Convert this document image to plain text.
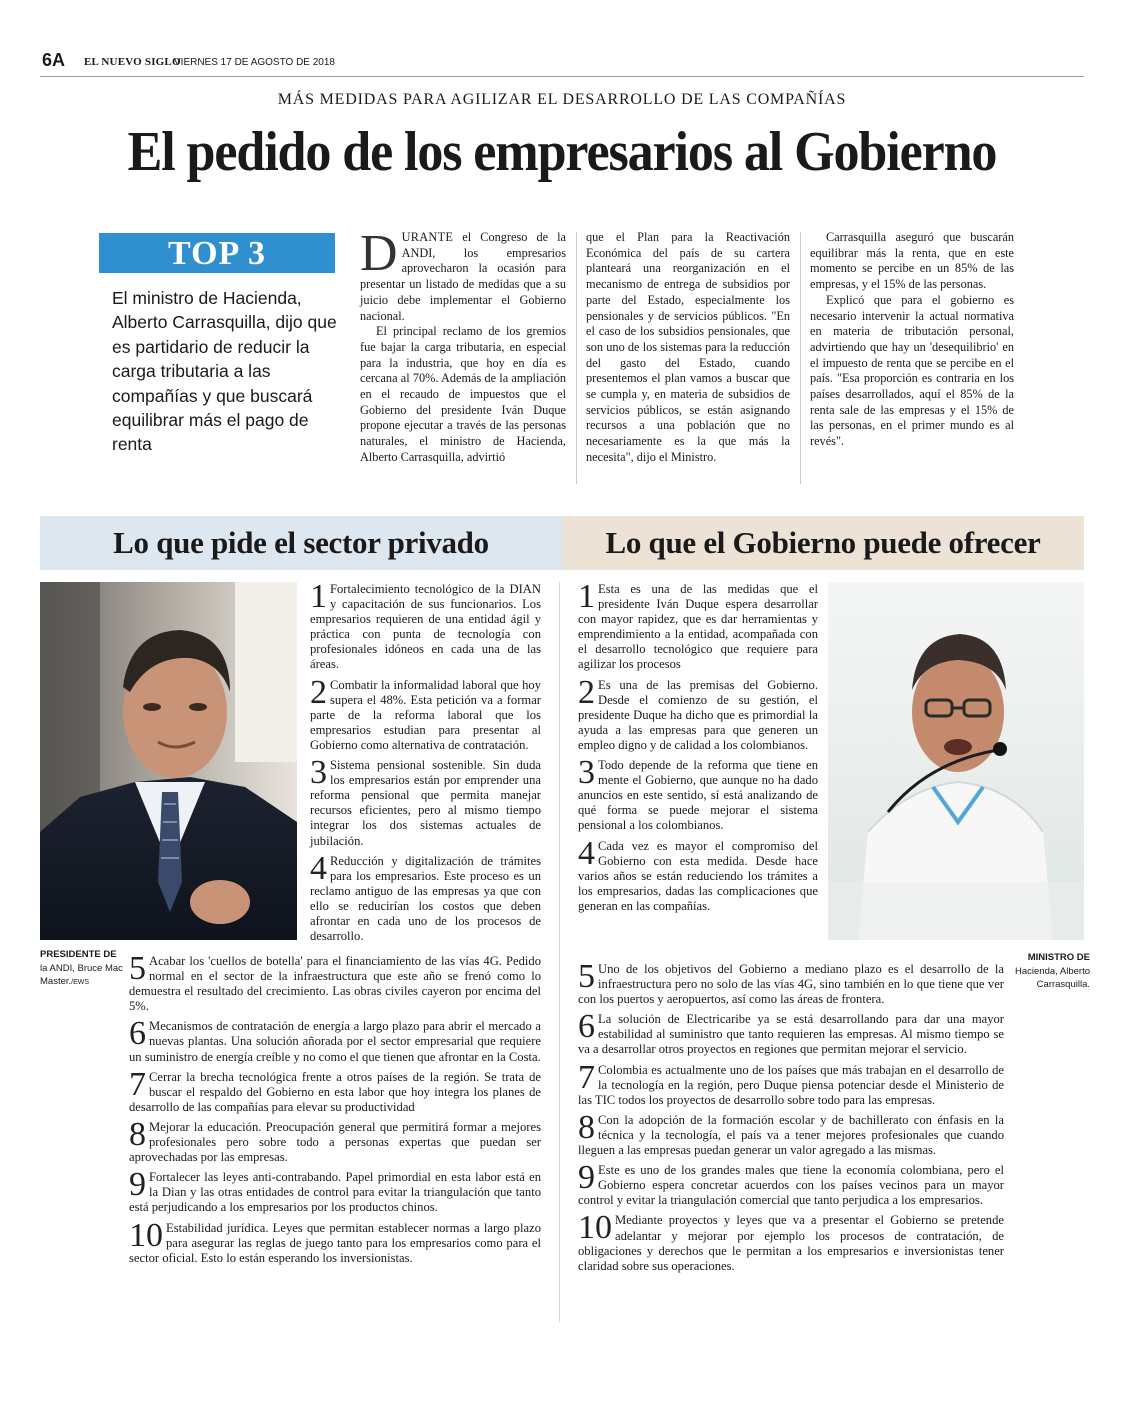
6A EL NUEVO SIGLO
VIERNES 17 DE AGOSTO DE 2018
MÁS MEDIDAS PARA AGILIZAR EL DESARROLLO DE LAS COMPAÑÍAS
El pedido de los empresarios al Gobierno
TOP 3
El ministro de Hacienda, Alberto Carrasquilla, dijo que es partidario de reducir la carga tributaria a las compañías y que buscará equilibrar más el pago de renta

DURANTE el Congreso de la ANDI, los empresarios aprovecharon la ocasión para presentar un listado de medidas que a su juicio debe implementar el Gobierno nacional.

El principal reclamo de los gremios fue bajar la carga tributaria, en especial para la industria, que hoy en día es cercana al 70%. Además de la ampliación en el recaudo de impuestos que el Gobierno del presidente Iván Duque propone ejecutar a través de las personas naturales, el ministro de Hacienda, Alberto Carrasquilla, advirtió

que el Plan para la Reactivación Económica del país de su cartera planteará una reorganización en el mecanismo de entrega de subsidios por parte del Estado, especialmente los pensionales y de servicios públicos. "En el caso de los subsidios pensionales, que son uno de los sistemas para la reducción del gasto del Estado, cuando presentemos el plan vamos a buscar que se cumpla y, en materia de subsidios de servicios públicos, se están asignando recursos a una población que no necesariamente es la que más la necesita", dijo el Ministro.

Carrasquilla aseguró que buscarán equilibrar más la renta, que en este momento se percibe en un 85% de las empresas, y el 15% de las personas.

Explicó que para el gobierno es necesario intervenir la actual normativa en materia de tributación personal, advirtiendo que hay un 'desequilibrio' en el impuesto de renta que se percibe en el país. "Esa proporción es contraria en los países desarrollados, aquí el 85% de la renta sale de las empresas y el 15% de las personas, en el primer mundo es al revés".

Lo que pide el sector privado	Lo que el Gobierno puede ofrecer
PRESIDENTE DE la ANDI, Bruce Mac Master./EWS
MINISTRO DE Hacienda, Alberto Carrasquilla.
1 Fortalecimiento tecnológico de la DIAN y capacitación de sus funcionarios. Los empresarios requieren de una entidad ágil y práctica con punta de tecnología con profesionales idóneos en cada una de las áreas.
2 Combatir la informalidad laboral que hoy supera el 48%. Esta petición va a formar parte de la reforma laboral que los empresarios estudian para presentar al Gobierno como alternativa de contratación.
3 Sistema pensional sostenible. Sin duda los empresarios están por emprender una reforma pensional que permita manejar recursos eficientes, pero al mismo tiempo integrar los dos sistemas actuales de jubilación.
4 Reducción y digitalización de trámites para los empresarios. Este proceso es un reclamo antiguo de las empresas ya que con ello se reducirían los costos que deben afrontar en cada uno de los procesos de desarrollo.
5 Acabar los 'cuellos de botella' para el financiamiento de las vías 4G. Pedido normal en el sector de la infraestructura que este año se frenó como lo demuestra el resultado del crecimiento. Las obras civiles cayeron por encima del 5%.
6 Mecanismos de contratación de energía a largo plazo para abrir el mercado a nuevas plantas. Una solución añorada por el sector empresarial que requiere un suministro de energía creíble y no como el que tienen que afrontar en la Costa.
7 Cerrar la brecha tecnológica frente a otros países de la región. Se trata de buscar el respaldo del Gobierno en esta labor que hoy integra los planes de desarrollo de las compañías para elevar su productividad
8 Mejorar la educación. Preocupación general que permitirá formar a mejores profesionales pero sobre todo a personas expertas que puedan ser aprovechadas por las empresas.
9 Fortalecer las leyes anti-contrabando. Papel primordial en esta labor está en la Dian y las otras entidades de control para evitar la triangulación que tanto está perjudicando a los empresarios por los productos chinos.
10 Estabilidad jurídica. Leyes que permitan establecer normas a largo plazo para asegurar las reglas de juego tanto para los empresarios como para el sector oficial. Esto lo están esperando los inversionistas.
1 Esta es una de las medidas que el presidente Iván Duque espera desarrollar con mayor rapidez, que es dar herramientas y emprendimiento a la entidad, acompañada con el desarrollo tecnológico que requiere para agilizar los procesos
2 Es una de las premisas del Gobierno. Desde el comienzo de su gestión, el presidente Duque ha dicho que es primordial la ayuda a las empresas para que generen un empleo digno y de calidad a los colombianos.
3 Todo depende de la reforma que tiene en mente el Gobierno, que aunque no ha dado anuncios en este sentido, sí está analizando de qué forma se puede mejorar el sistema pensional a los colombianos.
4 Cada vez es mayor el compromiso del Gobierno con esta medida. Desde hace varios años se están reduciendo los trámites a los empresarios, dadas las complicaciones que generan en las compañías.
5 Uno de los objetivos del Gobierno a mediano plazo es el desarrollo de la infraestructura pero no solo de las vías 4G, sino también en lo que tiene que ver con los puertos y aeropuertos, así como las áreas de frontera.
6 La solución de Electricaribe ya se está desarrollando para dar una mayor estabilidad al suministro que tanto requieren las empresas. Al mismo tiempo se va a desarrollar otros proyectos en regiones que permitan mejorar el servicio.
7 Colombia es actualmente uno de los países que más trabajan en el desarrollo de la tecnología en la región, pero Duque piensa potenciar desde el Ministerio de las TIC todos los proyectos de desarrollo sobre todo para las empresas.
8 Con la adopción de la formación escolar y de bachillerato con énfasis en la técnica y la tecnología, el país va a tener mejores profesionales que cuando lleguen a las empresas puedan generar un valor agregado a las mismas.
9 Este es uno de los grandes males que tiene la economía colombiana, pero el Gobierno espera concretar acuerdos con los países vecinos para un mayor control y evitar la triangulación comercial que tanto perjudica a los empresarios.
10 Mediante proyectos y leyes que va a presentar el Gobierno se pretende adelantar y mejorar por ejemplo los procesos de contratación, de obligaciones y derechos que le permitan a los empresarios e inversionistas tener claridad sobre sus operaciones.
